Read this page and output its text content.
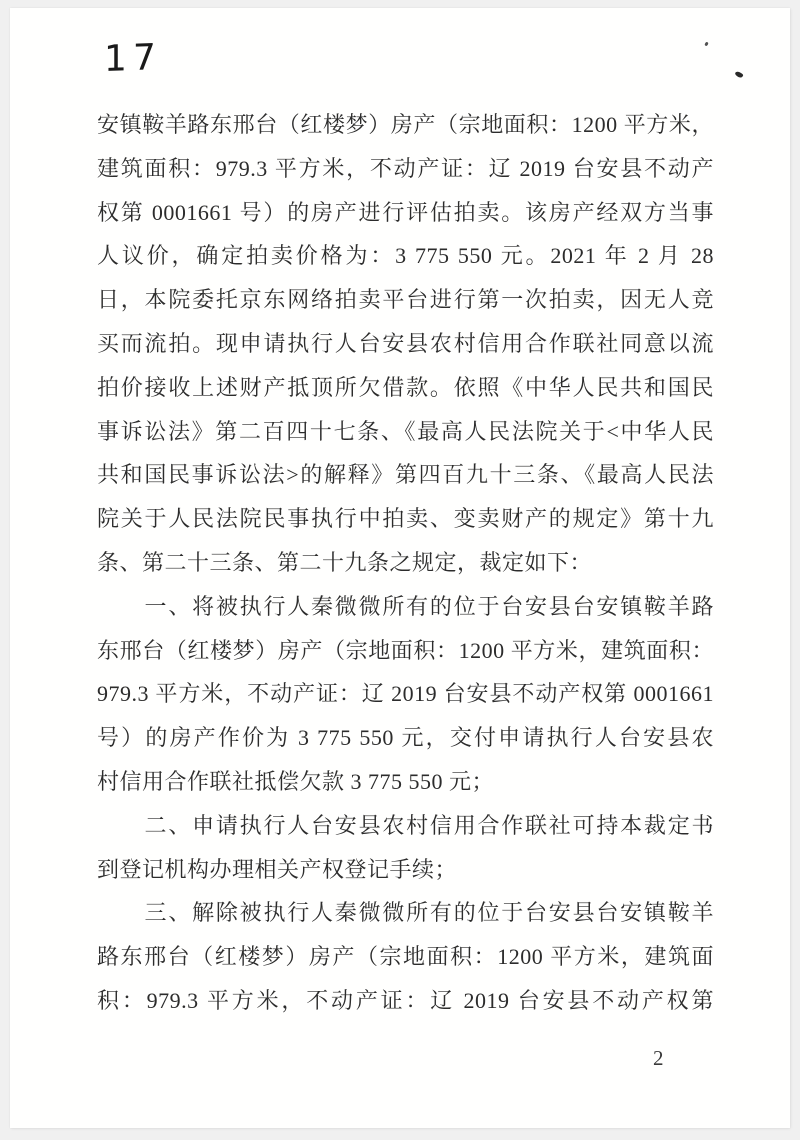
17
安镇鞍羊路东邢台（红楼梦）房产（宗地面积：1200 平方米，
建筑面积：979.3 平方米，不动产证：辽 2019 台安县不动产
权第 0001661 号）的房产进行评估拍卖。该房产经双方当事
人议价，确定拍卖价格为：3 775 550 元。2021 年 2 月 28
日，本院委托京东网络拍卖平台进行第一次拍卖，因无人竞
买而流拍。现申请执行人台安县农村信用合作联社同意以流
拍价接收上述财产抵顶所欠借款。依照《中华人民共和国民
事诉讼法》第二百四十七条、《最高人民法院关于<中华人民
共和国民事诉讼法>的解释》第四百九十三条、《最高人民法
院关于人民法院民事执行中拍卖、变卖财产的规定》第十九
条、第二十三条、第二十九条之规定，裁定如下：
　　一、将被执行人秦微微所有的位于台安县台安镇鞍羊路
东邢台（红楼梦）房产（宗地面积：1200 平方米，建筑面积：
979.3 平方米，不动产证：辽 2019 台安县不动产权第 0001661
号）的房产作价为 3 775 550 元，交付申请执行人台安县农
村信用合作联社抵偿欠款 3 775 550 元；
　　二、申请执行人台安县农村信用合作联社可持本裁定书
到登记机构办理相关产权登记手续；
　　三、解除被执行人秦微微所有的位于台安县台安镇鞍羊
路东邢台（红楼梦）房产（宗地面积：1200 平方米，建筑面
积：979.3 平方米，不动产证：辽 2019 台安县不动产权第
2
